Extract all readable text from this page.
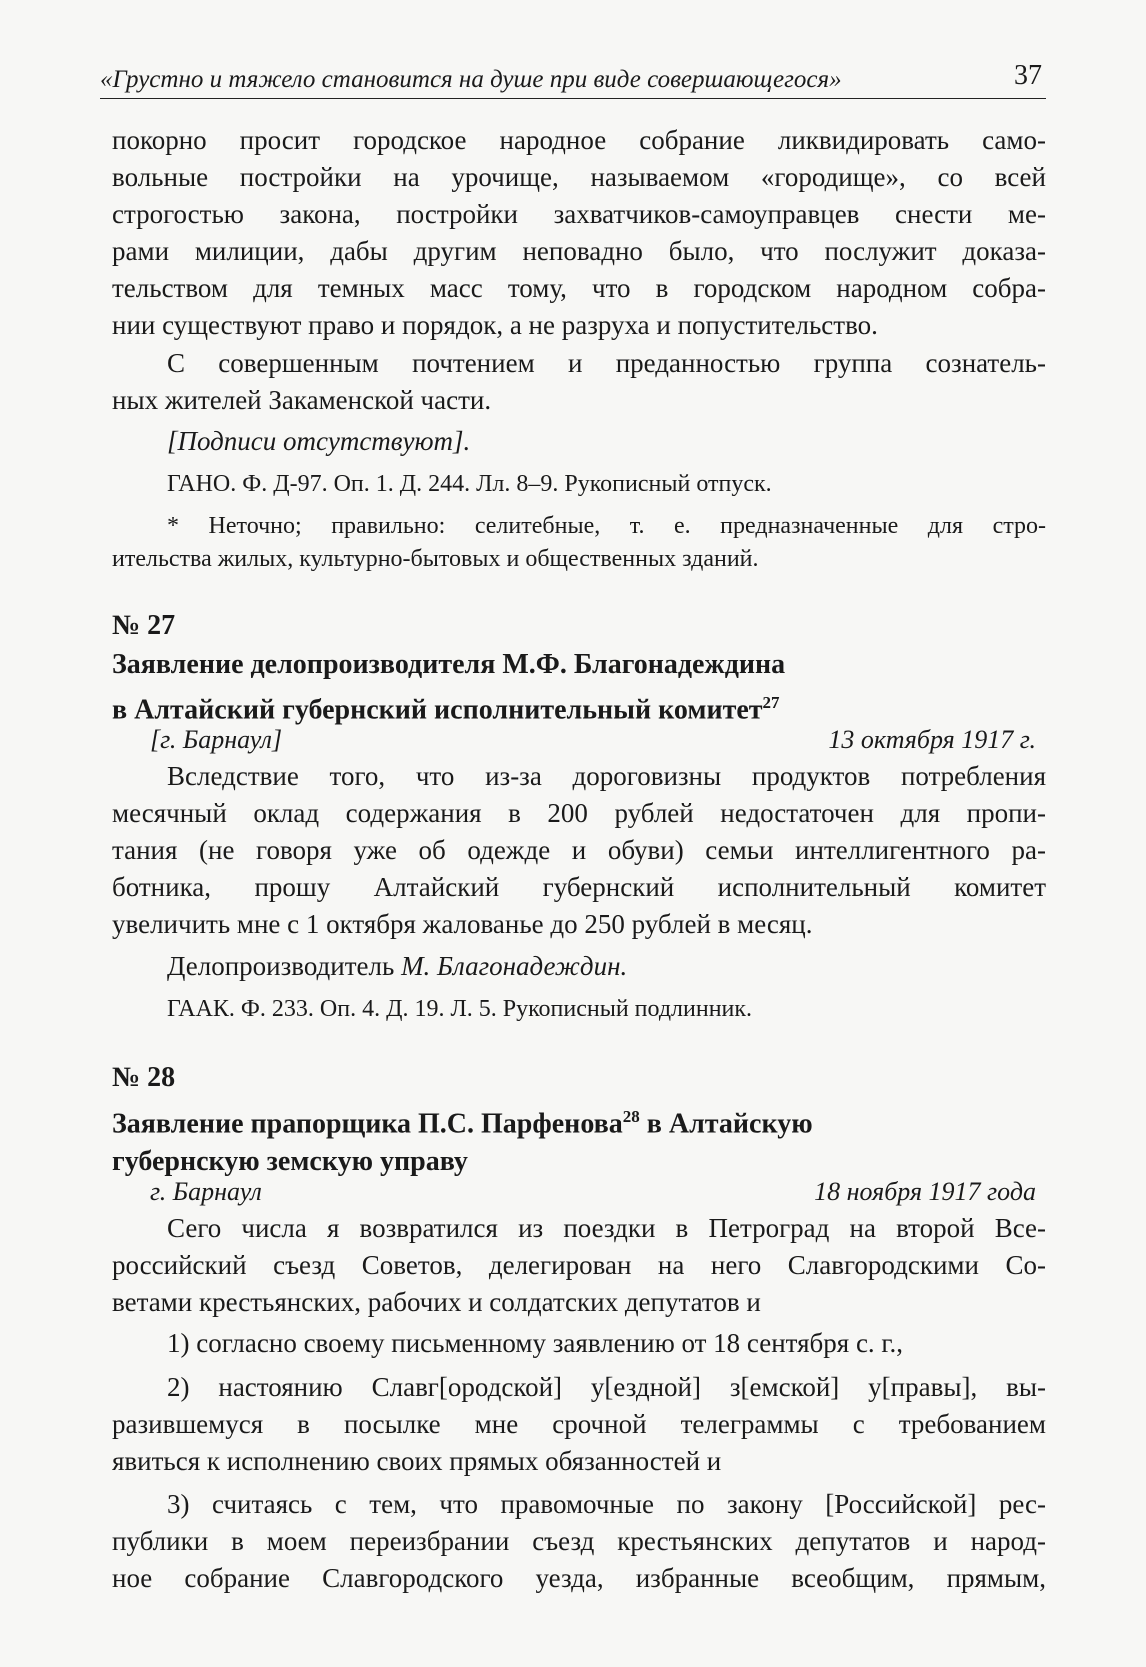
«Грустно и тяжело становится на душе при виде совершающегося»	37
покорно просит городское народное собрание ликвидировать само-
вольные постройки на урочище, называемом «городище», со всей
строгостью закона, постройки захватчиков-самоуправцев снести ме-
рами милиции, дабы другим неповадно было, что послужит доказа-
тельством для темных масс тому, что в городском народном собра-
нии существуют право и порядок, а не разруха и попустительство.
С совершенным почтением и преданностью группа сознатель-
ных жителей Закаменской части.
[Подписи отсутствуют].
ГАНО. Ф. Д-97. Оп. 1. Д. 244. Лл. 8–9. Рукописный отпуск.
* Неточно; правильно: селитебные, т. е. предназначенные для стро-
ительства жилых, культурно-бытовых и общественных зданий.
№ 27
Заявление делопроизводителя М.Ф. Благонадеждина
в Алтайский губернский исполнительный комитет$^{27}$
[г. Барнаул]	13 октября 1917 г.
Вследствие того, что из-за дороговизны продуктов потребления
месячный оклад содержания в 200 рублей недостаточен для пропи-
тания (не говоря уже об одежде и обуви) семьи интеллигентного ра-
ботника, прошу Алтайский губернский исполнительный комитет
увеличить мне с 1 октября жалованье до 250 рублей в месяц.
Делопроизводитель М. Благонадеждин.
ГААК. Ф. 233. Оп. 4. Д. 19. Л. 5. Рукописный подлинник.
№ 28
Заявление прапорщика П.С. Парфенова$^{28}$ в Алтайскую
губернскую земскую управу
г. Барнаул	18 ноября 1917 года
Сего числа я возвратился из поездки в Петроград на второй Все-
российский съезд Советов, делегирован на него Славгородскими Со-
ветами крестьянских, рабочих и солдатских депутатов и
1) согласно своему письменному заявлению от 18 сентября с. г.,
2) настоянию Славг[ородской] у[ездной] з[емской] у[правы], вы-
разившемуся в посылке мне срочной телеграммы с требованием
явиться к исполнению своих прямых обязанностей и
3) считаясь с тем, что правомочные по закону [Российской] рес-
публики в моем переизбрании съезд крестьянских депутатов и народ-
ное собрание Славгородского уезда, избранные всеобщим, прямым,
